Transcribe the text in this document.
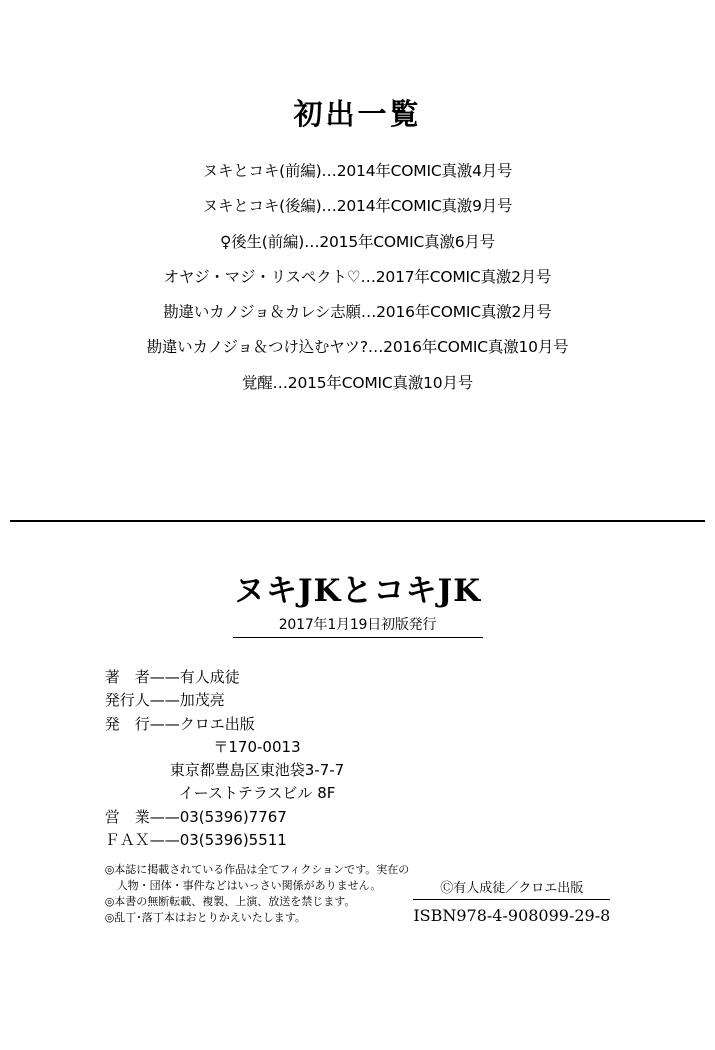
初出一覧
ヌキとコキ(前編)…2014年COMIC真激4月号
ヌキとコキ(後編)…2014年COMIC真激9月号
♀後生(前編)…2015年COMIC真激6月号
オヤジ・マジ・リスペクト♡…2017年COMIC真激2月号
勘違いカノジョ＆カレシ志願…2016年COMIC真激2月号
勘違いカノジョ＆つけ込むヤツ?…2016年COMIC真激10月号
覚醒…2015年COMIC真激10月号
ヌキJKとコキJK
2017年1月19日初版発行
著　者——有人成徒
発行人——加茂亮
発　行——クロエ出版
〒170-0013
東京都豊島区東池袋3-7-7
イーストテラスビル 8F
営　業——03(5396)7767
ＦＡＸ——03(5396)5511
◎本誌に掲載されている作品は全てフィクションです。実在の
人物・団体・事件などはいっさい関係がありません。
◎本書の無断転載、複製、上演、放送を禁じます。
◎乱丁･落丁本はおとりかえいたします。

Ⓒ有人成徒／クロエ出版
ISBN978-4-908099-29-8
